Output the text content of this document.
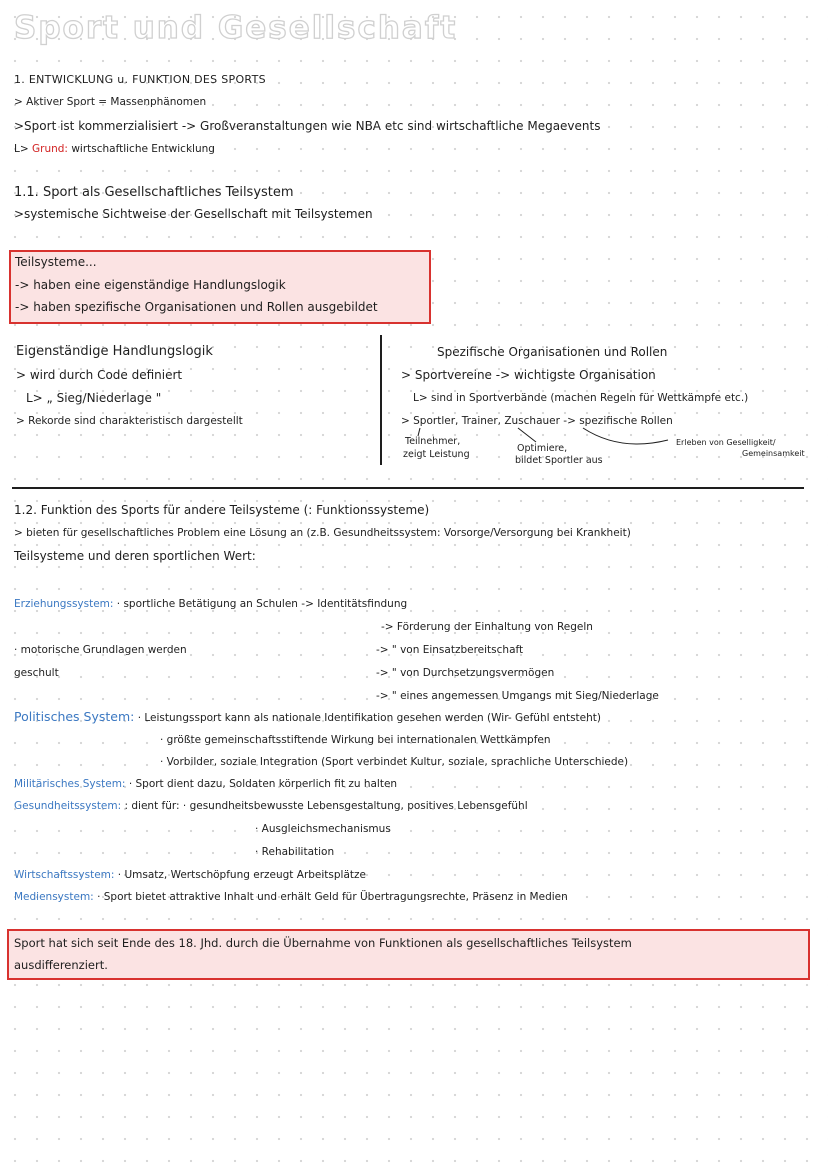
Sport und Gesellschaft
1. ENTWICKLUNG u. FUNKTION DES SPORTS
> Aktiver Sport = Massenphänomen
>Sport ist kommerzialisiert -> Großveranstaltungen wie NBA etc sind wirtschaftliche Megaevents
L> Grund: wirtschaftliche Entwicklung
1.1. Sport als Gesellschaftliches Teilsystem
>systemische Sichtweise der Gesellschaft mit Teilsystemen
Teilsysteme...
-> haben eine eigenständige Handlungslogik
-> haben spezifische Organisationen und Rollen ausgebildet
Eigenständige Handlungslogik
> wird durch Code definiert
L> „ Sieg/Niederlage "
> Rekorde sind charakteristisch dargestellt
Spezifische Organisationen und Rollen
> Sportvereine -> wichtigste Organisation
L> sind in Sportverbände (machen Regeln für Wettkämpfe etc.)
> Sportler, Trainer, Zuschauer -> spezifische Rollen
Teilnehmer,
zeigt Leistung
Optimiere,
bildet Sportler aus
Erleben von Geselligkeit/
Gemeinsamkeit
1.2. Funktion des Sports für andere Teilsysteme (: Funktionssysteme)
> bieten für gesellschaftliches Problem eine Lösung an (z.B. Gesundheitssystem: Vorsorge/Versorgung bei Krankheit)
Teilsysteme und deren sportlichen Wert:
Erziehungssystem: · sportliche Betätigung an Schulen -> Identitätsfindung
-> Förderung der Einhaltung von Regeln
· motorische Grundlagen werden	-> " von Einsatzbereitschaft
geschult	-> " von Durchsetzungsvermögen
-> " eines angemessen Umgangs mit Sieg/Niederlage
Politisches System: · Leistungssport kann als nationale Identifikation gesehen werden (Wir- Gefühl entsteht)
· größte gemeinschaftsstiftende Wirkung bei internationalen Wettkämpfen
· Vorbilder, soziale Integration (Sport verbindet Kultur, soziale, sprachliche Unterschiede)
Militärisches System: · Sport dient dazu, Soldaten körperlich fit zu halten
Gesundheitssystem: : dient für: · gesundheitsbewusste Lebensgestaltung, positives Lebensgefühl
· Ausgleichsmechanismus
· Rehabilitation
Wirtschaftssystem: · Umsatz, Wertschöpfung erzeugt Arbeitsplätze
Mediensystem: · Sport bietet attraktive Inhalt und erhält Geld für Übertragungsrechte, Präsenz in Medien
Sport hat sich seit Ende des 18. Jhd. durch die Übernahme von Funktionen als gesellschaftliches Teilsystem
ausdifferenziert.
